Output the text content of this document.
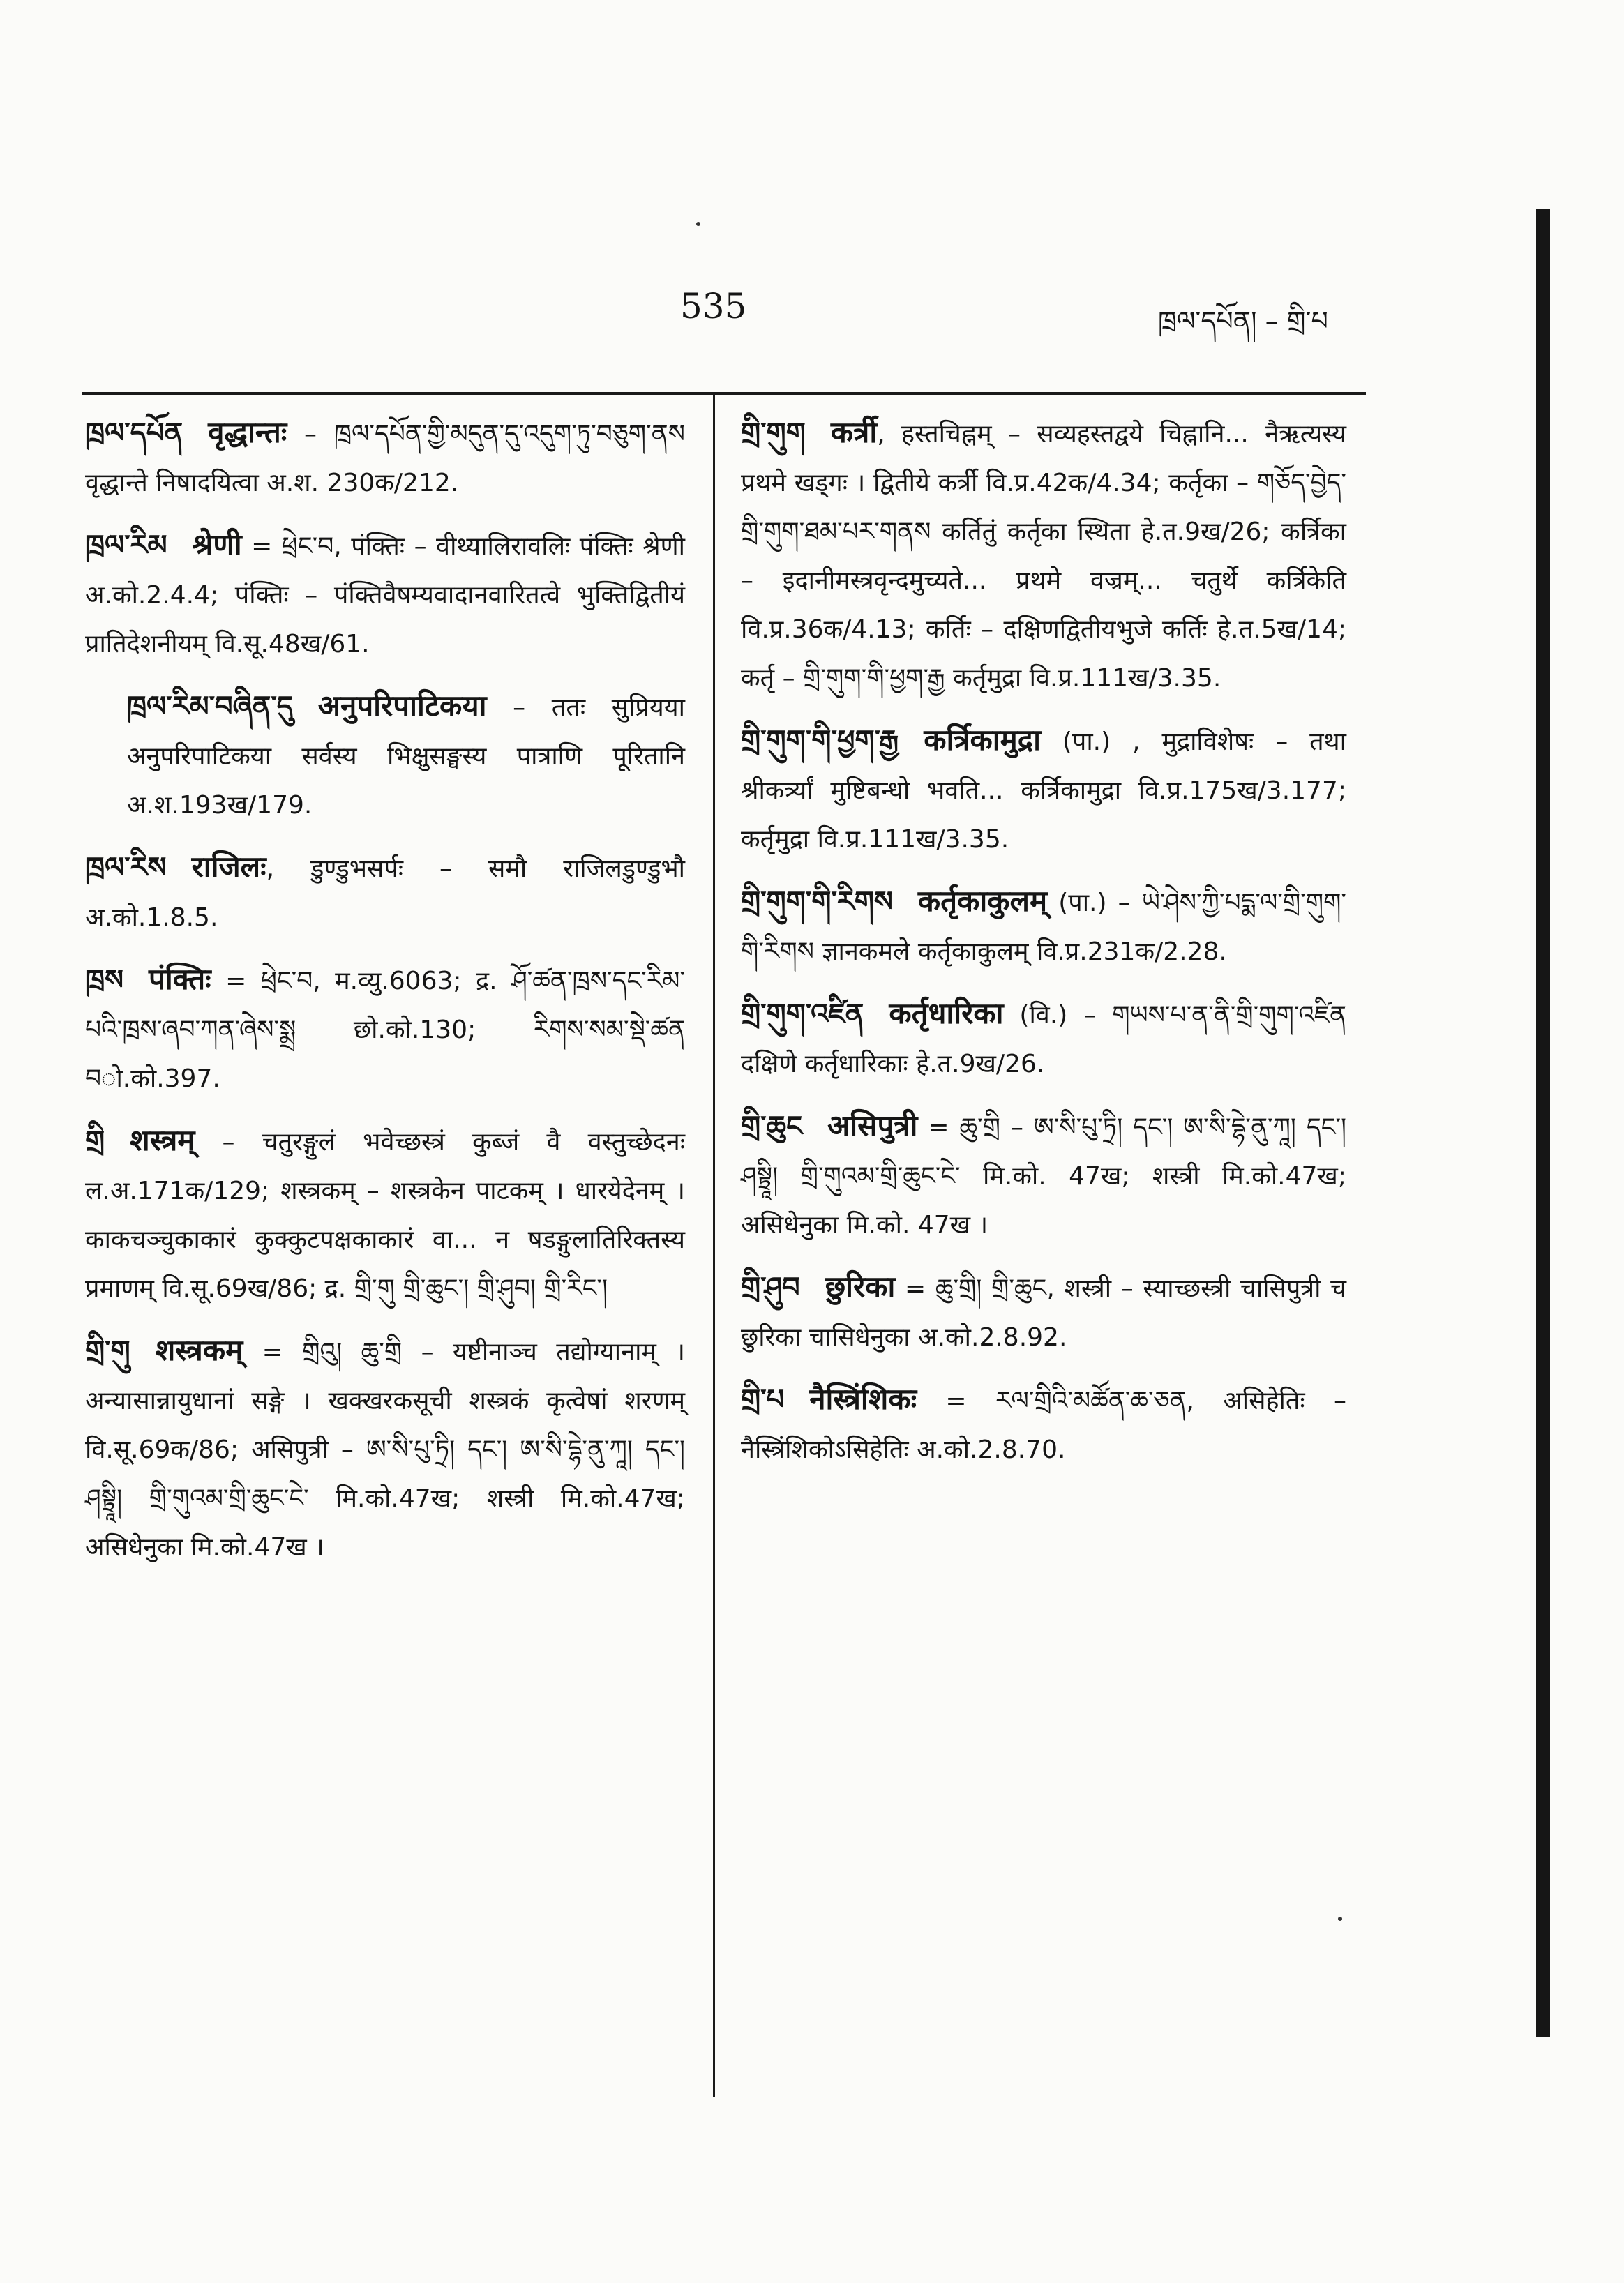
535	ཁྲལ་དཔོན། – གྲི་པ
ཁྲལ་དཔོན वृद्धान्तः – ཁྲལ་དཔོན་གྱི་མདུན་དུ་འདུག་ཏུ་བཅུག་ནས वृद्धान्ते निषादयित्वा अ.श. 230क/212.
ཁྲལ་རིམ श्रेणी = ཕྲེང་བ, पंक्तिः – वीथ्यालिरावलिः पंक्तिः श्रेणी अ.को.2.4.4; पंक्तिः – पंक्तिवैषम्यवादानवारितत्वे भुक्तिद्वितीयं प्रातिदेशनीयम् वि.सू.48ख/61.
ཁྲལ་རིམ་བཞིན་དུ अनुपरिपाटिकया – ततः सुप्रियया अनुपरिपाटिकया सर्वस्य भिक्षुसङ्घस्य पात्राणि पूरितानि अ.श.193ख/179.
ཁྲལ་རིས राजिलः, डुण्डुभसर्पः – समौ राजिलडुण्डुभौ अ.को.1.8.5.
ཁྲས पंक्तिः = ཕྲེང་བ, म.व्यु.6063; द्र. ཤོ་ཚན་ཁྲས་དང་རིམ་པའི་ཁྲས་ཞབ་ཀན་ཞེས་སྨྲ छो.को.130; རིགས་སམ་སྡེ་ཚན བो.को.397.
གྲི शस्त्रम् – चतुरङ्गुलं भवेच्छस्त्रं कुब्जं वै वस्तुच्छेदनः ल.अ.171क/129; शस्त्रकम् – शस्त्रकेन पाटकम् । धारयेदेनम् । काकचञ्चुकाकारं कुक्कुटपक्षकाकारं वा... न षडङ्गुलातिरिक्तस्य प्रमाणम् वि.सू.69ख/86; द्र. གྲི་གུ གྲི་ཆུང་། གྲི་ཤུབ། གྲི་རིང་།
གྲི་གུ शस्त्रकम् = གྲིའུ། ཆུ་གྲི – यष्टीनाञ्च तद्योग्यानाम् । अन्यासान्नायुधानां सङ्गे । खक्खरकसूची शस्त्रकं कृत्वेषां शरणम् वि.सू.69क/86; असिपुत्री – ཨ་སི་པུ་ཏྲི། དང་། ཨ་སི་དྷེ་ནུ་ཀཱ། དང་། ཤསྟྲཱི། གྲི་གུའམ་གྲི་ཆུང་ངེ་ मि.को.47ख; शस्त्री मि.को.47ख; असिधेनुका मि.को.47ख ।
གྲི་གུག कर्त्री, हस्तचिह्नम् – सव्यहस्तद्वये चिह्नानि... नैऋत्यस्य प्रथमे खड्गः । द्वितीये कर्त्री वि.प्र.42क/4.34; कर्तृका – གཅོད་བྱེད་གྲི་གུག་ཐམ་པར་གནས कर्तितुं कर्तृका स्थिता हे.त.9ख/26; कर्त्रिका – इदानीमस्त्रवृन्दमुच्यते... प्रथमे वज्रम्... चतुर्थे कर्त्रिकेति वि.प्र.36क/4.13; कर्तिः – दक्षिणद्वितीयभुजे कर्तिः हे.त.5ख/14; कर्तृ – གྲི་གུག་གི་ཕྱག་རྒྱ कर्तृमुद्रा वि.प्र.111ख/3.35.
གྲི་གུག་གི་ཕྱག་རྒྱ कर्त्रिकामुद्रा (पा.) , मुद्राविशेषः – तथा श्रीकर्त्र्यां मुष्टिबन्धो भवति... कर्त्रिकामुद्रा वि.प्र.175ख/3.177; कर्तृमुद्रा वि.प्र.111ख/3.35.
གྲི་གུག་གི་རིགས कर्तृकाकुलम् (पा.) – ཡེ་ཤེས་ཀྱི་པདྨ་ལ་གྲི་གུག་གི་རིགས ज्ञानकमले कर्तृकाकुलम् वि.प्र.231क/2.28.
གྲི་གུག་འཛིན कर्तृधारिका (वि.) – གཡས་པ་ན་ནི་གྲི་གུག་འཛིན दक्षिणे कर्तृधारिकाः हे.त.9ख/26.
གྲི་ཆུང असिपुत्री = ཆུ་གྲི – ཨ་སི་པུ་ཏྲི། དང་། ཨ་སི་དྷེ་ནུ་ཀཱ། དང་། ཤསྟྲཱི། གྲི་གུའམ་གྲི་ཆུང་ངེ་ मि.को. 47ख; शस्त्री मि.को.47ख; असिधेनुका मि.को. 47ख ।
གྲི་ཤུབ छुरिका = ཆུ་གྲི། གྲི་ཆུང, शस्त्री – स्याच्छस्त्री चासिपुत्री च छुरिका चासिधेनुका अ.को.2.8.92.
གྲི་པ नैस्त्रिंशिकः = རལ་གྲིའི་མཚོན་ཆ་ཅན, असिहेतिः – नैस्त्रिंशिकोऽसिहेतिः अ.को.2.8.70.
